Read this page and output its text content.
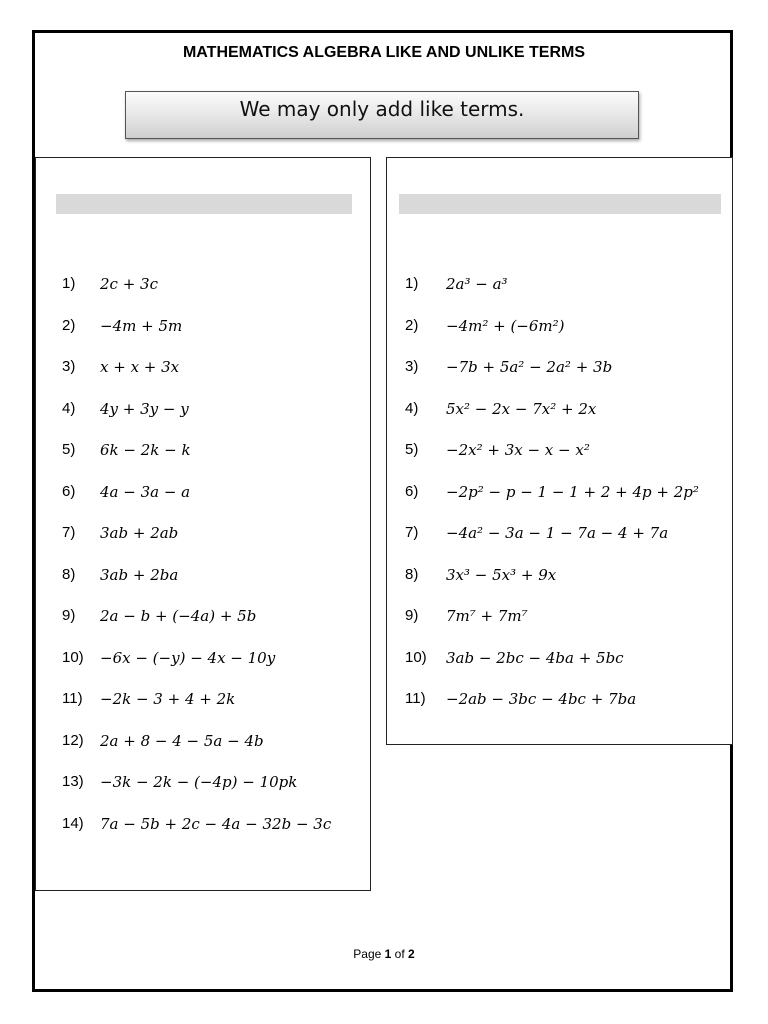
MATHEMATICS ALGEBRA LIKE AND UNLIKE TERMS
We may only add like terms.
1) 2c + 3c
2) −4m + 5m
3) x + x + 3x
4) 4y + 3y − y
5) 6k − 2k − k
6) 4a − 3a − a
7) 3ab + 2ab
8) 3ab + 2ba
9) 2a − b + (−4a) + 5b
10) −6x − (−y) − 4x − 10y
11) −2k − 3 + 4 + 2k
12) 2a + 8 − 4 − 5a − 4b
13) −3k − 2k − (−4p) − 10pk
14) 7a − 5b + 2c − 4a − 32b − 3c
1) 2a³ − a³
2) −4m² + (−6m²)
3) −7b + 5a² − 2a² + 3b
4) 5x² − 2x − 7x² + 2x
5) −2x² + 3x − x − x²
6) −2p² − p − 1 − 1 + 2 + 4p + 2p²
7) −4a² − 3a − 1 − 7a − 4 + 7a
8) 3x³ − 5x³ + 9x
9) 7m⁷ + 7m⁷
10) 3ab − 2bc − 4ba + 5bc
11) −2ab − 3bc − 4bc + 7ba
Page 1 of 2
